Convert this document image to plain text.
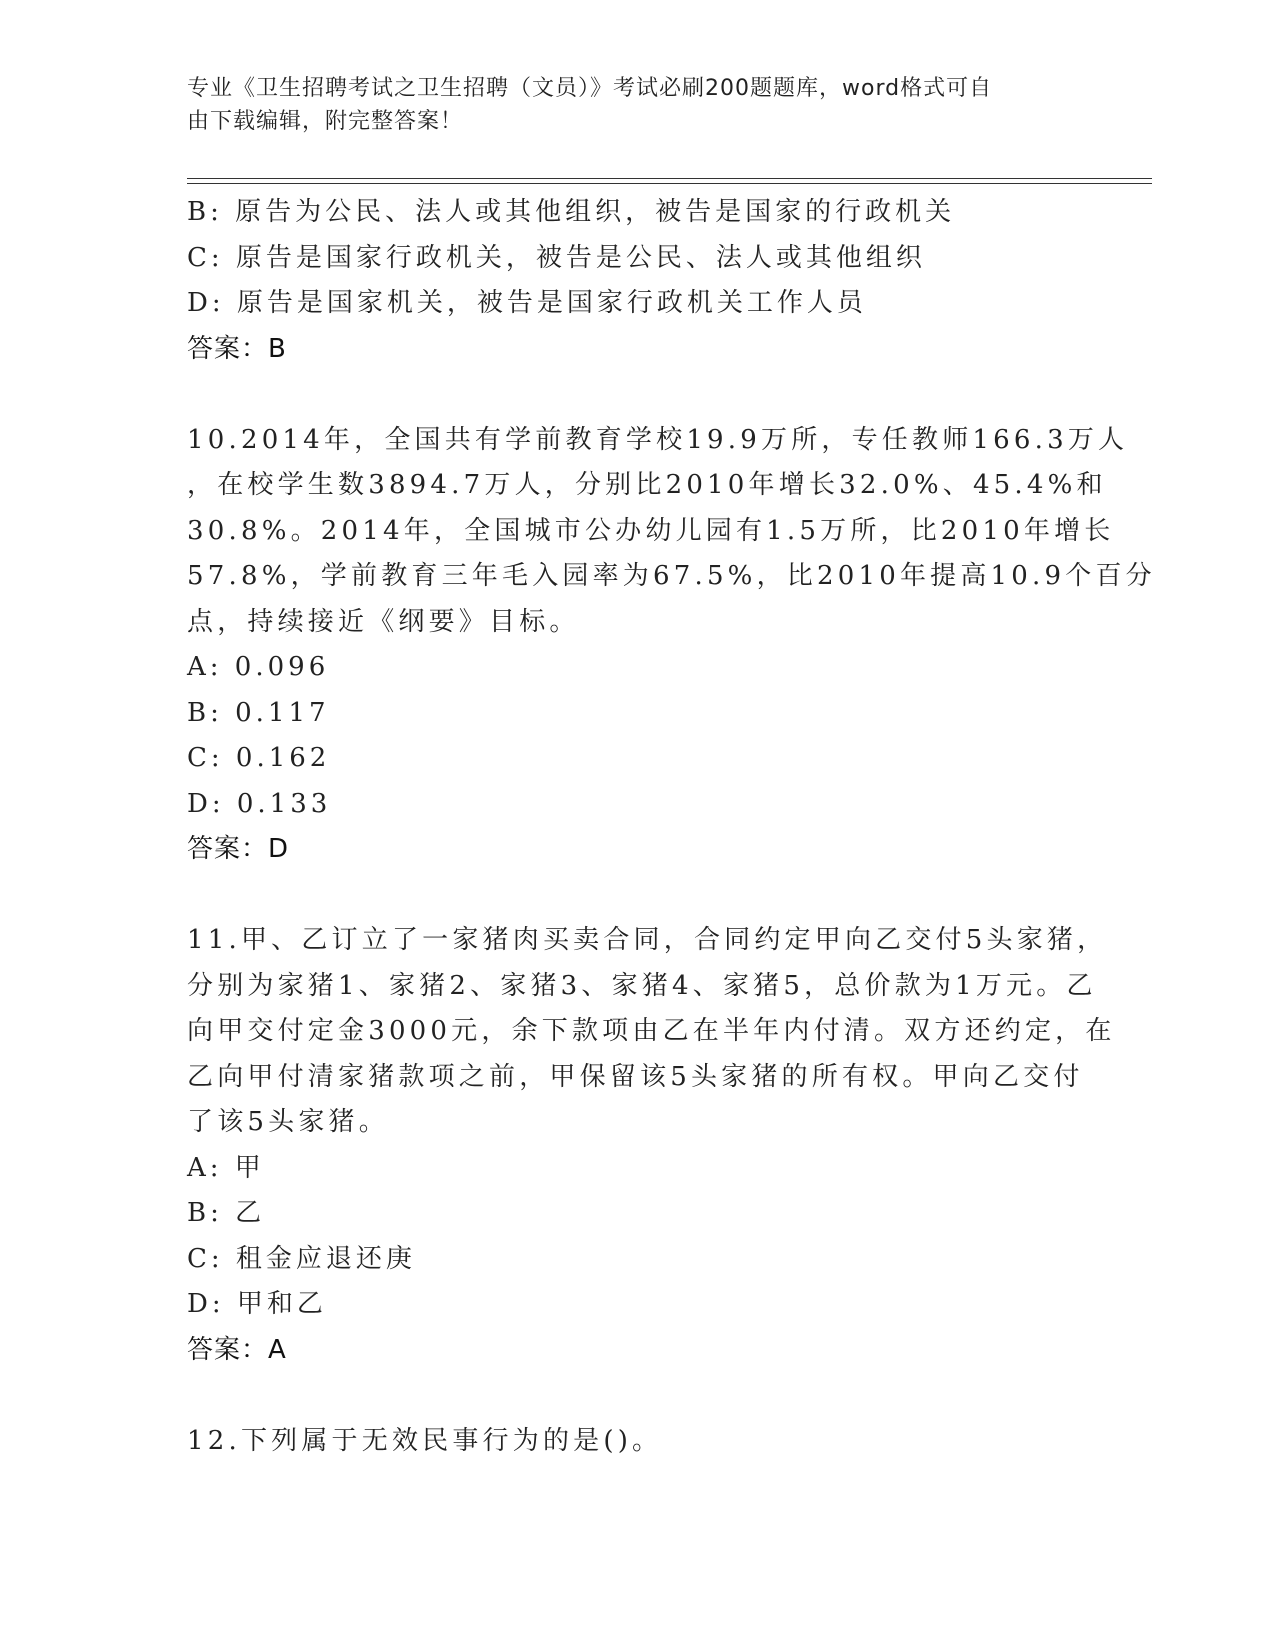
专业《卫生招聘考试之卫生招聘（文员）》考试必刷200题题库，word格式可自
由下载编辑，附完整答案！
B: 原告为公民、法人或其他组织，被告是国家的行政机关
C: 原告是国家行政机关，被告是公民、法人或其他组织
D: 原告是国家机关，被告是国家行政机关工作人员
答案：B
10.2014年，全国共有学前教育学校19.9万所，专任教师166.3万人
，在校学生数3894.7万人，分别比2010年增长32.0%、45.4%和
30.8%。2014年，全国城市公办幼儿园有1.5万所，比2010年增长
57.8%，学前教育三年毛入园率为67.5%，比2010年提高10.9个百分
点，持续接近《纲要》目标。
A: 0.096
B: 0.117
C: 0.162
D: 0.133
答案：D
11.甲、乙订立了一家猪肉买卖合同，合同约定甲向乙交付5头家猪，
分别为家猪1、家猪2、家猪3、家猪4、家猪5，总价款为1万元。乙
向甲交付定金3000元，余下款项由乙在半年内付清。双方还约定，在
乙向甲付清家猪款项之前，甲保留该5头家猪的所有权。甲向乙交付
了该5头家猪。
A: 甲
B: 乙
C: 租金应退还庚
D: 甲和乙
答案：A
12.下列属于无效民事行为的是()。
